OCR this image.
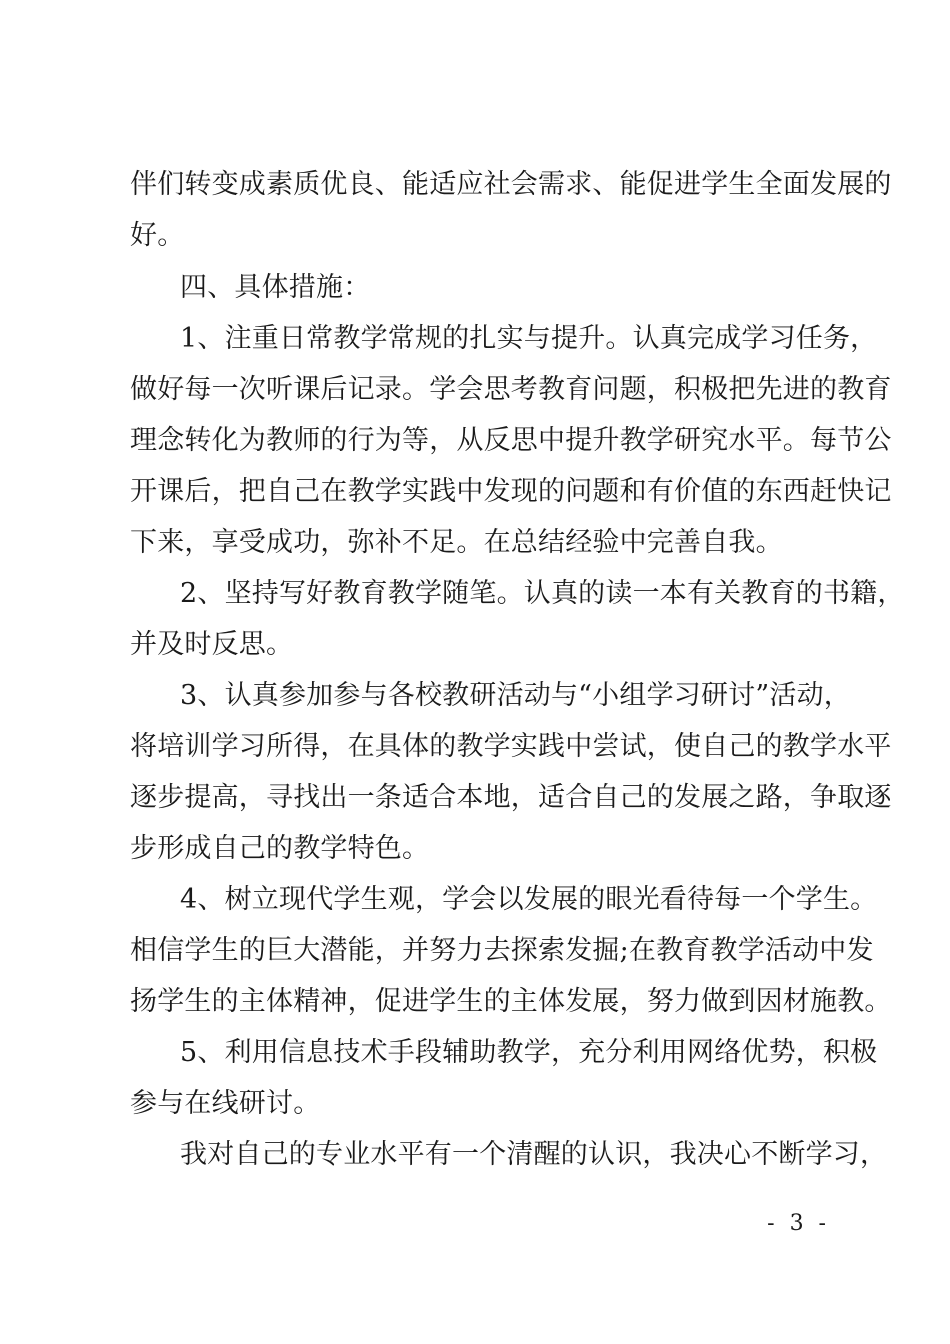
伴们转变成素质优良、能适应社会需求、能促进学生全面发展的
好。
四、具体措施：
1、注重日常教学常规的扎实与提升。认真完成学习任务，
做好每一次听课后记录。学会思考教育问题，积极把先进的教育
理念转化为教师的行为等，从反思中提升教学研究水平。每节公
开课后，把自己在教学实践中发现的问题和有价值的东西赶快记
下来，享受成功，弥补不足。在总结经验中完善自我。
2、坚持写好教育教学随笔。认真的读一本有关教育的书籍，
并及时反思。
3、认真参加参与各校教研活动与“小组学习研讨”活动，
将培训学习所得，在具体的教学实践中尝试，使自己的教学水平
逐步提高，寻找出一条适合本地，适合自己的发展之路，争取逐
步形成自己的教学特色。
4、树立现代学生观，学会以发展的眼光看待每一个学生。
相信学生的巨大潜能，并努力去探索发掘;在教育教学活动中发
扬学生的主体精神，促进学生的主体发展，努力做到因材施教。
5、利用信息技术手段辅助教学，充分利用网络优势，积极
参与在线研讨。
我对自己的专业水平有一个清醒的认识，我决心不断学习，
- 3 -
